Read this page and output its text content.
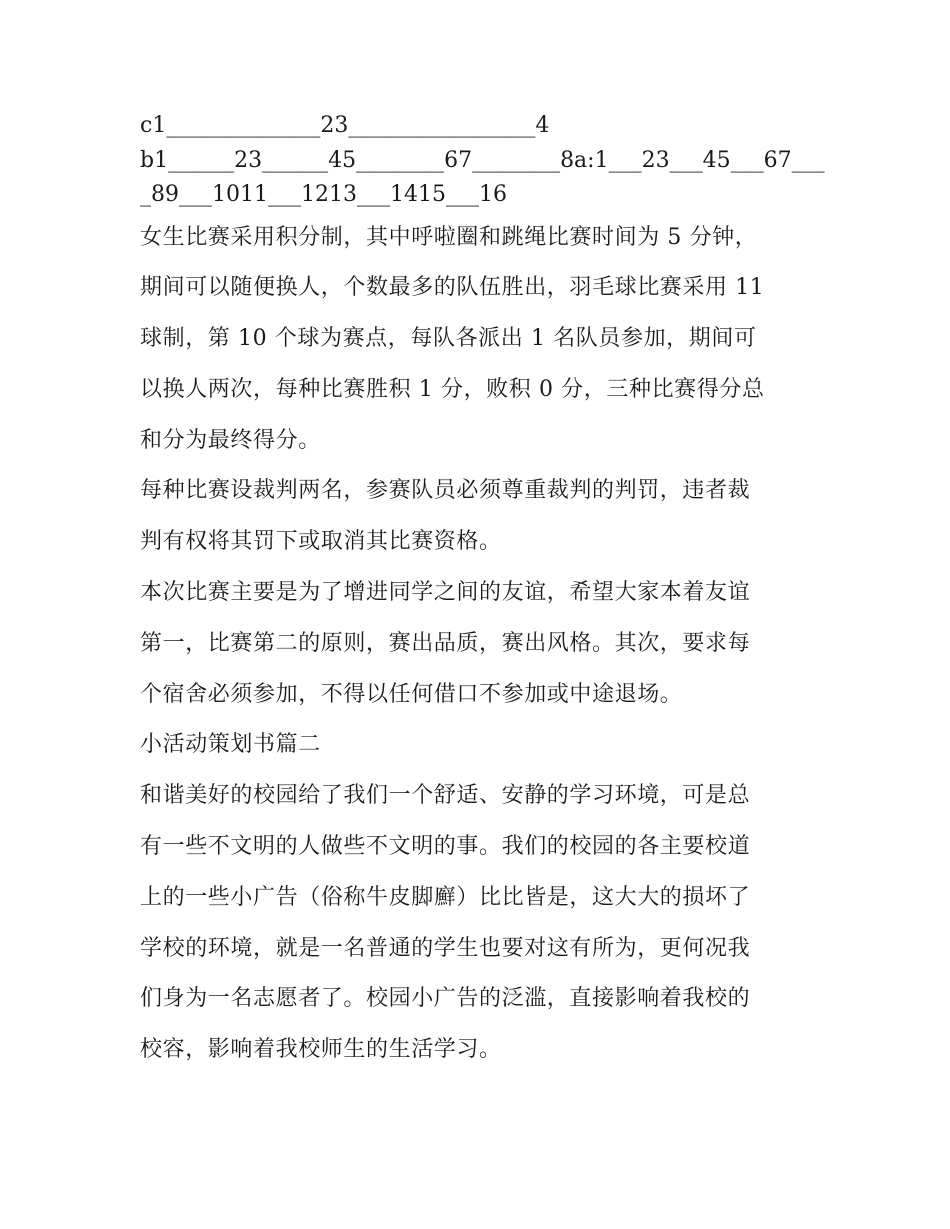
c1______________23_________________4
b1______23______45________67________8a:1___23___45___67___
_89___1011___1213___1415___16
女生比赛采用积分制，其中呼啦圈和跳绳比赛时间为 5 分钟，
期间可以随便换人，个数最多的队伍胜出，羽毛球比赛采用 11
球制，第 10 个球为赛点，每队各派出 1 名队员参加，期间可
以换人两次，每种比赛胜积 1 分，败积 0 分，三种比赛得分总
和分为最终得分。
每种比赛设裁判两名，参赛队员必须尊重裁判的判罚，违者裁
判有权将其罚下或取消其比赛资格。
本次比赛主要是为了增进同学之间的友谊，希望大家本着友谊
第一，比赛第二的原则，赛出品质，赛出风格。其次，要求每
个宿舍必须参加，不得以任何借口不参加或中途退场。
小活动策划书篇二
和谐美好的校园给了我们一个舒适、安静的学习环境，可是总
有一些不文明的人做些不文明的事。我们的校园的各主要校道
上的一些小广告（俗称牛皮脚廯）比比皆是，这大大的损坏了
学校的环境，就是一名普通的学生也要对这有所为，更何况我
们身为一名志愿者了。校园小广告的泛滥，直接影响着我校的
校容，影响着我校师生的生活学习。
